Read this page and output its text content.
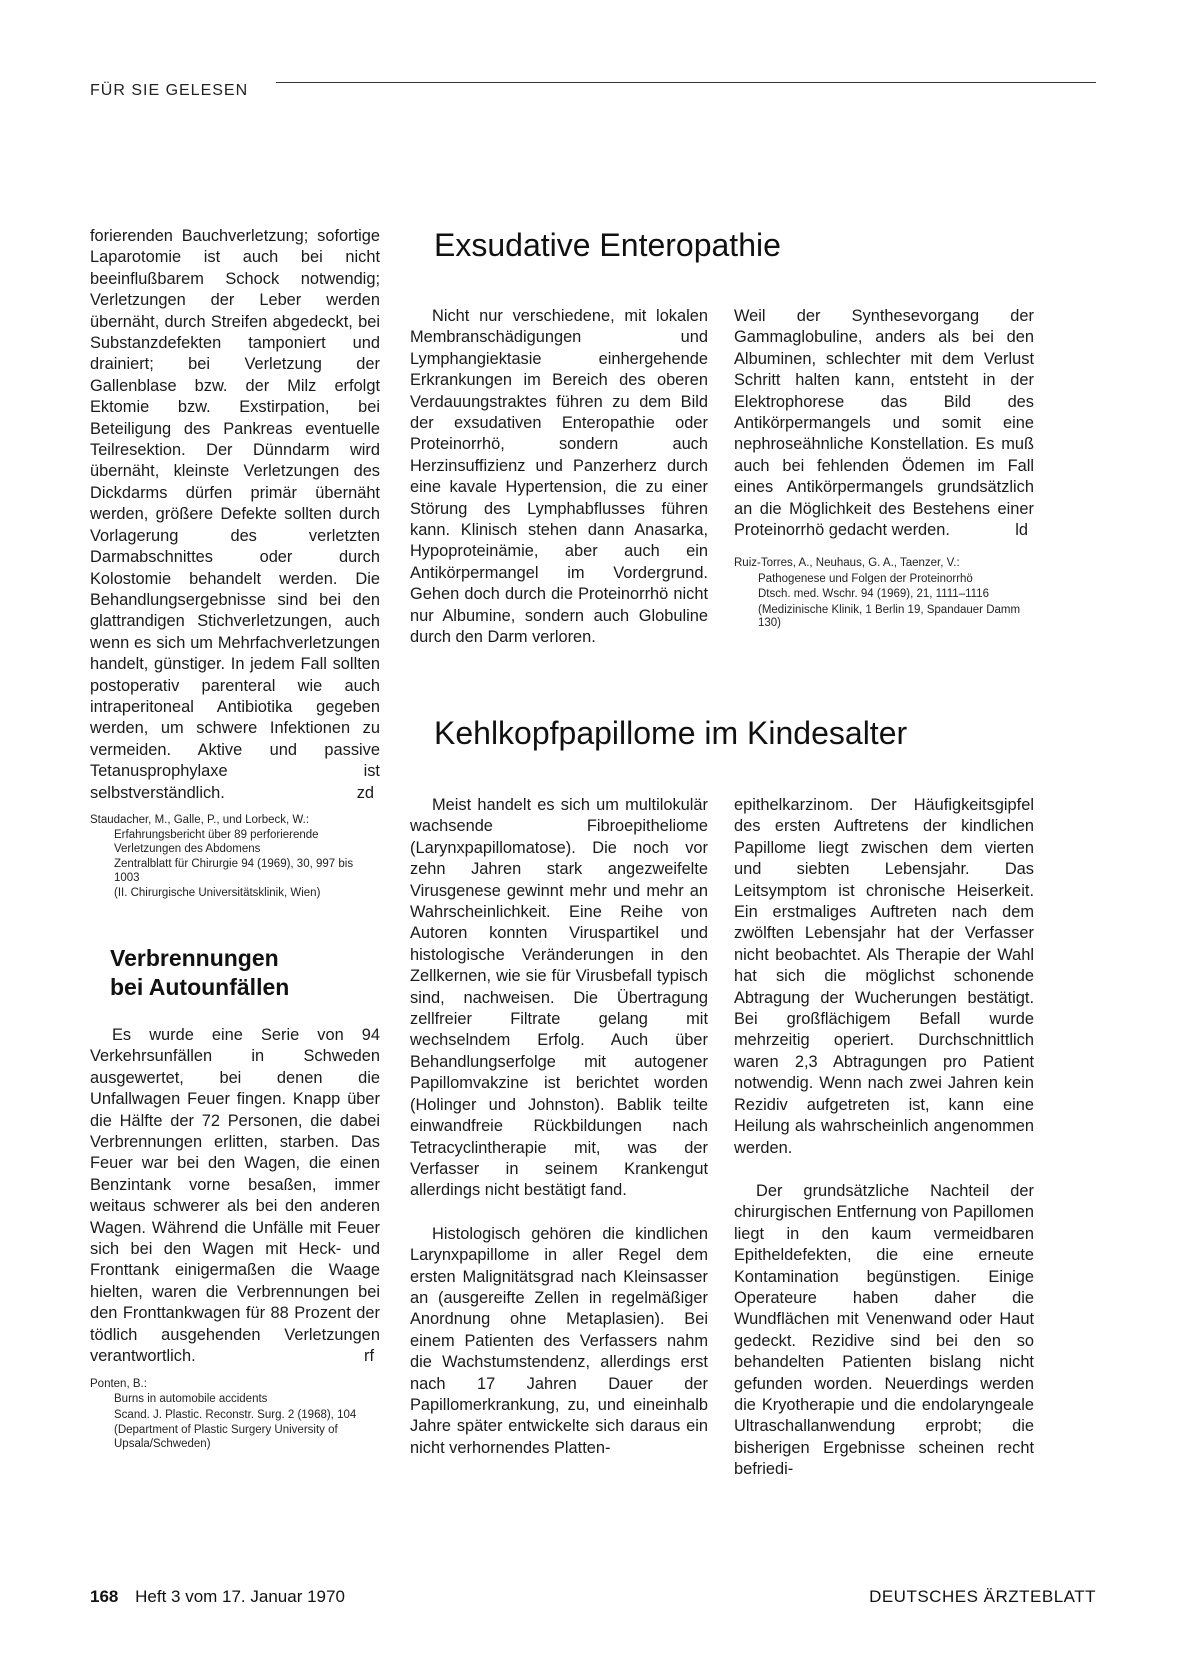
FÜR SIE GELESEN

forierenden Bauchverletzung; sofortige Laparotomie ist auch bei nicht beeinflußbarem Schock notwendig; Verletzungen der Leber werden übernäht, durch Streifen abgedeckt, bei Substanzdefekten tamponiert und drainiert; bei Verletzung der Gallenblase bzw. der Milz erfolgt Ektomie bzw. Exstirpation, bei Beteiligung des Pankreas eventuelle Teilresektion. Der Dünndarm wird übernäht, kleinste Verletzungen des Dickdarms dürfen primär übernäht werden, größere Defekte sollten durch Vorlagerung des verletzten Darmabschnittes oder durch Kolostomie behandelt werden. Die Behandlungsergebnisse sind bei den glattrandigen Stichverletzungen, auch wenn es sich um Mehrfachverletzungen handelt, günstiger. In jedem Fall sollten postoperativ parenteral wie auch intraperitoneal Antibiotika gegeben werden, um schwere Infektionen zu vermeiden. Aktive und passive Tetanusprophylaxe ist selbstverständlich.	zd

Staudacher, M., Galle, P., und Lorbeck, W.:
Erfahrungsbericht über 89 perforierende Verletzungen des Abdomens
Zentralblatt für Chirurgie 94 (1969), 30, 997 bis 1003
(II. Chirurgische Universitätsklinik, Wien)
Verbrennungen
bei Autounfällen

Es wurde eine Serie von 94 Verkehrsunfällen in Schweden ausgewertet, bei denen die Unfallwagen Feuer fingen. Knapp über die Hälfte der 72 Personen, die dabei Verbrennungen erlitten, starben. Das Feuer war bei den Wagen, die einen Benzintank vorne besaßen, immer weitaus schwerer als bei den anderen Wagen. Während die Unfälle mit Feuer sich bei den Wagen mit Heck- und Fronttank einigermaßen die Waage hielten, waren die Verbrennungen bei den Fronttankwagen für 88 Prozent der tödlich ausgehenden Verletzungen verantwortlich.	rf

Ponten, B.:
Burns in automobile accidents
Scand. J. Plastic. Reconstr. Surg. 2 (1968), 104
(Department of Plastic Surgery University of Upsala/Schweden)
Exsudative Enteropathie

Nicht nur verschiedene, mit lokalen Membranschädigungen und Lymphangiektasie einhergehende Erkrankungen im Bereich des oberen Verdauungstraktes führen zu dem Bild der exsudativen Enteropathie oder Proteinorrhö, sondern auch Herzinsuffizienz und Panzerherz durch eine kavale Hypertension, die zu einer Störung des Lymphabflusses führen kann. Klinisch stehen dann Anasarka, Hypoproteinämie, aber auch ein Antikörpermangel im Vordergrund. Gehen doch durch die Proteinorrhö nicht nur Albumine, sondern auch Globuline durch den Darm verloren.

Weil der Synthesevorgang der Gammaglobuline, anders als bei den Albuminen, schlechter mit dem Verlust Schritt halten kann, entsteht in der Elektrophorese das Bild des Antikörpermangels und somit eine nephroseähnliche Konstellation. Es muß auch bei fehlenden Ödemen im Fall eines Antikörpermangels grundsätzlich an die Möglichkeit des Bestehens einer Proteinorrhö gedacht werden.	ld

Ruiz-Torres, A., Neuhaus, G. A., Taenzer, V.:
Pathogenese und Folgen der Proteinorrhö
Dtsch. med. Wschr. 94 (1969), 21, 1111–1116
(Medizinische Klinik, 1 Berlin 19, Spandauer Damm 130)
Kehlkopfpapillome im Kindesalter

Meist handelt es sich um multilokulär wachsende Fibroepitheliome (Larynxpapillomatose). Die noch vor zehn Jahren stark angezweifelte Virusgenese gewinnt mehr und mehr an Wahrscheinlichkeit. Eine Reihe von Autoren konnten Viruspartikel und histologische Veränderungen in den Zellkernen, wie sie für Virusbefall typisch sind, nachweisen. Die Übertragung zellfreier Filtrate gelang mit wechselndem Erfolg. Auch über Behandlungserfolge mit autogener Papillomvakzine ist berichtet worden (Holinger und Johnston). Bablik teilte einwandfreie Rückbildungen nach Tetracyclintherapie mit, was der Verfasser in seinem Krankengut allerdings nicht bestätigt fand.

Histologisch gehören die kindlichen Larynxpapillome in aller Regel dem ersten Malignitätsgrad nach Kleinsasser an (ausgereifte Zellen in regelmäßiger Anordnung ohne Metaplasien). Bei einem Patienten des Verfassers nahm die Wachstumstendenz, allerdings erst nach 17 Jahren Dauer der Papillomerkrankung, zu, und eineinhalb Jahre später entwickelte sich daraus ein nicht verhornendes Platten-

epithelkarzinom. Der Häufigkeitsgipfel des ersten Auftretens der kindlichen Papillome liegt zwischen dem vierten und siebten Lebensjahr. Das Leitsymptom ist chronische Heiserkeit. Ein erstmaliges Auftreten nach dem zwölften Lebensjahr hat der Verfasser nicht beobachtet. Als Therapie der Wahl hat sich die möglichst schonende Abtragung der Wucherungen bestätigt. Bei großflächigem Befall wurde mehrzeitig operiert. Durchschnittlich waren 2,3 Abtragungen pro Patient notwendig. Wenn nach zwei Jahren kein Rezidiv aufgetreten ist, kann eine Heilung als wahrscheinlich angenommen werden.

Der grundsätzliche Nachteil der chirurgischen Entfernung von Papillomen liegt in den kaum vermeidbaren Epitheldefekten, die eine erneute Kontamination begünstigen. Einige Operateure haben daher die Wundflächen mit Venenwand oder Haut gedeckt. Rezidive sind bei den so behandelten Patienten bislang nicht gefunden worden. Neuerdings werden die Kryotherapie und die endolaryngeale Ultraschallanwendung erprobt; die bisherigen Ergebnisse scheinen recht befriedi-

168 Heft 3 vom 17. Januar 1970	DEUTSCHES ÄRZTEBLATT
